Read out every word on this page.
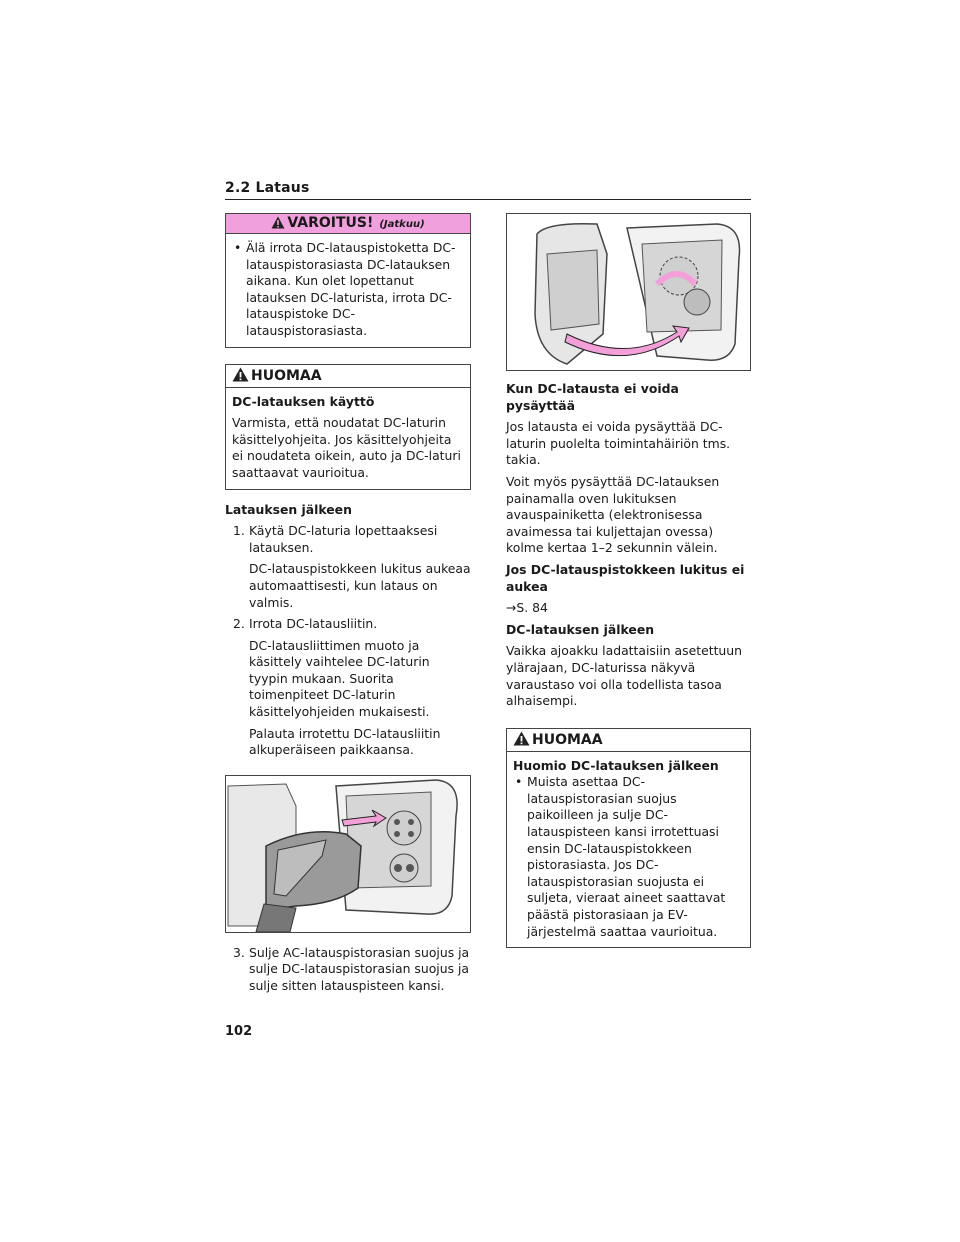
2.2 Lataus
VAROITUS! (Jatkuu)
• Älä irrota DC-latauspistoketta DC-latauspistorasiasta DC-latauksen aikana. Kun olet lopettanut latauksen DC-laturista, irrota DC-latauspistoke DC-latauspistorasiasta.
HUOMAA

DC-latauksen käyttö

Varmista, että noudatat DC-laturin käsittelyohjeita. Jos käsittelyohjeita ei noudateta oikein, auto ja DC-laturi saattaavat vaurioitua.

Latauksen jälkeen

1. Käytä DC-laturia lopettaaksesi latauksen.

DC-latauspistokkeen lukitus aukeaa automaattisesti, kun lataus on valmis.

2. Irrota DC-latausliitin.

DC-latausliittimen muoto ja käsittely vaihtelee DC-laturin tyypin mukaan. Suorita toimenpiteet DC-laturin käsittelyohjeiden mukaisesti.

Palauta irrotettu DC-latausliitin alkuperäiseen paikkaansa.

3. Sulje AC-latauspistorasian suojus ja sulje DC-latauspistorasian suojus ja sulje sitten latauspisteen kansi.

Kun DC-latausta ei voida pysäyttää

Jos latausta ei voida pysäyttää DC-laturin puolelta toimintahäiriön tms. takia.

Voit myös pysäyttää DC-latauksen painamalla oven lukituksen avauspainiketta (elektronisessa avaimessa tai kuljettajan ovessa) kolme kertaa 1–2 sekunnin välein.

Jos DC-latauspistokkeen lukitus ei aukea

→S. 84

DC-latauksen jälkeen

Vaikka ajoakku ladattaisiin asetettuun ylärajaan, DC-laturissa näkyvä varaustaso voi olla todellista tasoa alhaisempi.

HUOMAA

Huomio DC-latauksen jälkeen

• Muista asettaa DC-latauspistorasian suojus paikoilleen ja sulje DC-latauspisteen kansi irrotettuasi ensin DC-latauspistokkeen pistorasiasta. Jos DC-latauspistorasian suojusta ei suljeta, vieraat aineet saattavat päästä pistorasiaan ja EV-järjestelmä saattaa vaurioitua.
102
